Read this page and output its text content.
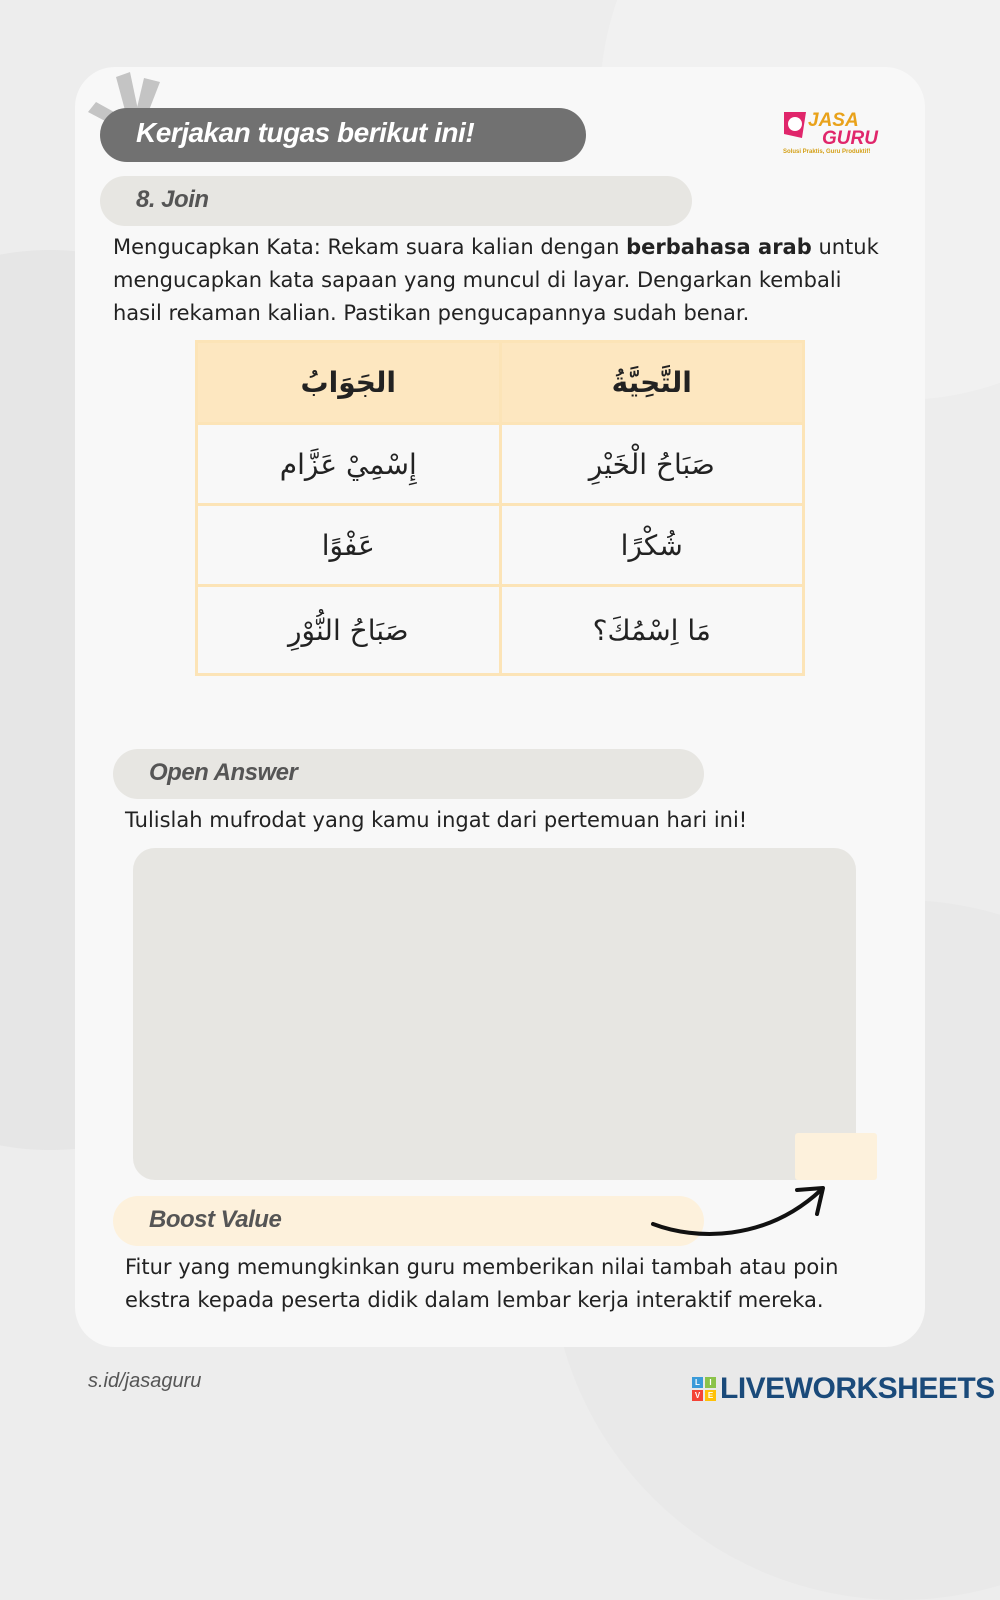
Kerjakan tugas berikut ini!	JASA
GURU
Solusi Praktis, Guru Produktif!
8. Join
Mengucapkan Kata: Rekam suara kalian dengan berbahasa arab untuk mengucapkan kata sapaan yang muncul di layar. Dengarkan kembali hasil rekaman kalian. Pastikan pengucapannya sudah benar.
الجَوَابُ	التَّحِيَّةُ
إِسْمِيْ عَزَّام	صَبَاحُ الْخَيْرِ
عَفْوًا	شُكْرًا
صَبَاحُ النُّوْرِ	مَا اِسْمُكَ؟
Open Answer
Tulislah mufrodat yang kamu ingat dari pertemuan hari ini!
Boost Value
Fitur yang memungkinkan guru memberikan nilai tambah atau poin ekstra kepada peserta didik dalam lembar kerja interaktif mereka.
s.id/jasaguru	L	I
V E LIVEWORKSHEETS
